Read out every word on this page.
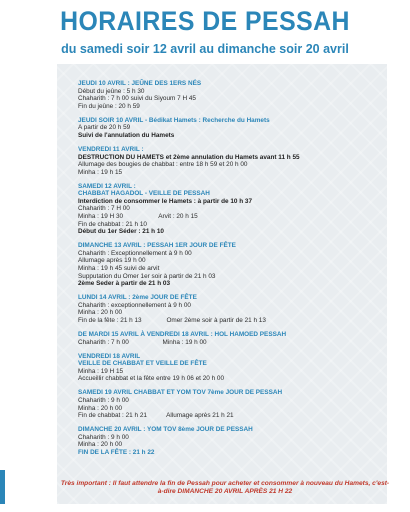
HORAIRES DE PESSAH
du samedi soir 12 avril au dimanche soir 20 avril
JEUDI 10 AVRIL : JEÛNE DES 1ERS NÉS
Début du jeûne : 5 h 30
Chaharith : 7 h 00 suivi du Siyoum 7 H 45
Fin du jeûne : 20 h 59
JEUDI SOIR 10 AVRIL - Bédikat Hamets : Recherche du Hamets
A partir de 20 h 59
Suivi de l'annulation du Hamets
VENDREDI 11 AVRIL :
DESTRUCTION DU HAMETS et 2ème annulation du Hamets avant 11 h 55
Allumage des bougies de chabbat : entre 18 h 59 et 20 h 00
Minha : 19 h 15
SAMEDI 12 AVRIL :
CHABBAT HAGADOL - VEILLE DE PESSAH
Interdiction de consommer le Hamets : à partir de 10 h 37
Chaharith : 7 H 00
Minha : 19 H 30                    Arvit : 20 h 15
Fin de chabbat : 21 h 10
Début du 1er Séder : 21 h 10
DIMANCHE 13 AVRIL : PESSAH 1ER JOUR DE FÊTE
Chaharith : Exceptionnellement à 9 h 00
Allumage après 19 h 00
Minha : 19 h 45 suivi de arvit
Supputation du Omer 1er soir à partir de 21 h 03
2ème Seder à partir de 21 h 03
LUNDI 14 AVRIL : 2ème JOUR DE FÊTE
Chaharith : exceptionnellement à 9 h 00
Minha : 20 h 00
Fin de la fête : 21 h 13              Omer 2ème soir à partir de 21 h 13
DE MARDI 15 AVRIL À VENDREDI 18 AVRIL : HOL HAMOED PESSAH
Chaharith : 7 h 00                   Minha : 19 h 00
VENDREDI 18 AVRIL
VEILLE DE CHABBAT ET VEILLE DE FÊTE
Minha : 19 H 15
Accueillir chabbat et la fête entre 19 h 06 et 20 h 00
SAMEDI 19 AVRIL CHABBAT ET YOM TOV 7ème JOUR DE PESSAH
Chaharith : 9 h 00
Minha : 20 h 00
Fin de chabbat : 21 h 21           Allumage après 21 h 21
DIMANCHE 20 AVRIL : YOM TOV 8ème JOUR DE PESSAH
Chaharith : 9 h 00
Minha : 20 h 00
FIN DE LA FÊTE : 21 h 22
Très important : Il faut attendre la fin de Pessah pour acheter et consommer à nouveau du Hamets, c'est-à-dire DIMANCHE 20 AVRIL APRÈS 21 H 22
